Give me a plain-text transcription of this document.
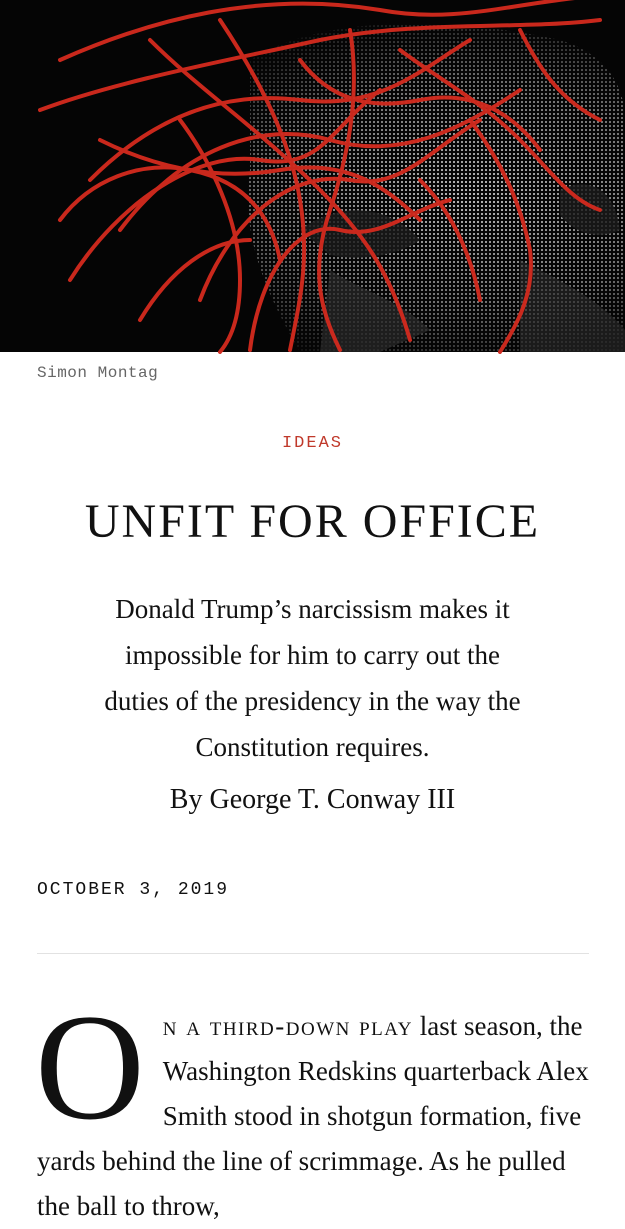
Simon Montag
IDEAS
UNFIT FOR OFFICE

Donald Trump’s narcissism makes it impossible for him to carry out the duties of the presidency in the way the Constitution requires.

By George T. Conway III
OCTOBER 3, 2019
On a third-down play last season, the Washington Redskins quarterback Alex Smith stood in shotgun formation, five yards behind the line of scrimmage. As he pulled the ball to throw,
